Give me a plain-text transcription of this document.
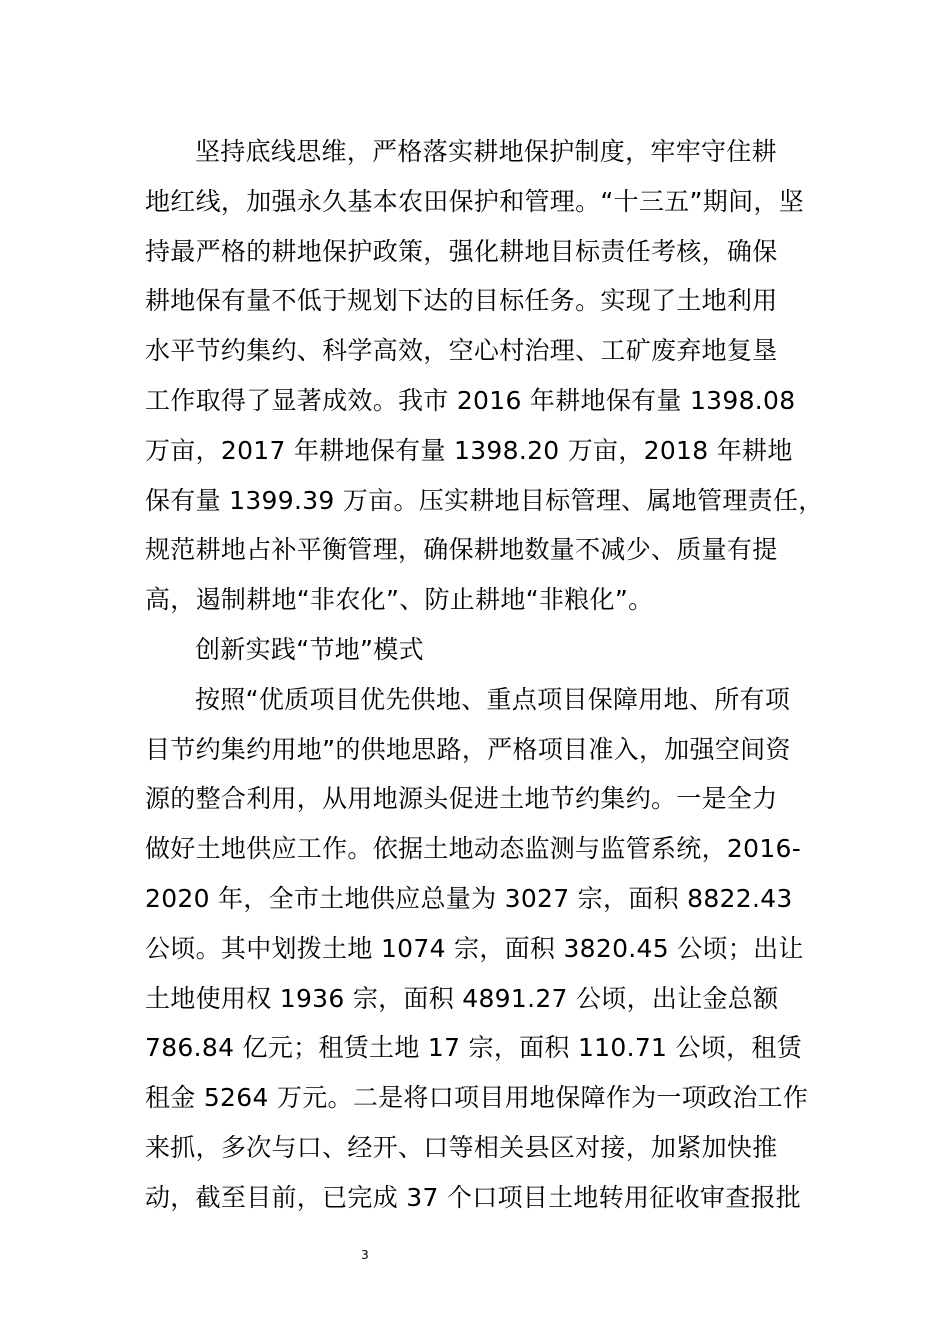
坚持底线思维，严格落实耕地保护制度，牢牢守住耕
地红线，加强永久基本农田保护和管理。“十三五”期间，坚
持最严格的耕地保护政策，强化耕地目标责任考核，确保
耕地保有量不低于规划下达的目标任务。实现了土地利用
水平节约集约、科学高效，空心村治理、工矿废弃地复垦
工作取得了显著成效。我市 2016 年耕地保有量 1398.08
万亩，2017 年耕地保有量 1398.20 万亩，2018 年耕地
保有量 1399.39 万亩。压实耕地目标管理、属地管理责任，
规范耕地占补平衡管理，确保耕地数量不减少、质量有提
高，遏制耕地“非农化”、防止耕地“非粮化”。
创新实践“节地”模式
按照“优质项目优先供地、重点项目保障用地、所有项
目节约集约用地”的供地思路，严格项目准入，加强空间资
源的整合利用，从用地源头促进土地节约集约。一是全力
做好土地供应工作。依据土地动态监测与监管系统，2016-
2020 年，全市土地供应总量为 3027 宗，面积 8822.43
公顷。其中划拨土地 1074 宗，面积 3820.45 公顷；出让
土地使用权 1936 宗，面积 4891.27 公顷，出让金总额
786.84 亿元；租赁土地 17 宗，面积 110.71 公顷，租赁
租金 5264 万元。二是将口项目用地保障作为一项政治工作
来抓，多次与口、经开、口等相关县区对接，加紧加快推
动，截至目前，已完成 37 个口项目土地转用征收审查报批
3
